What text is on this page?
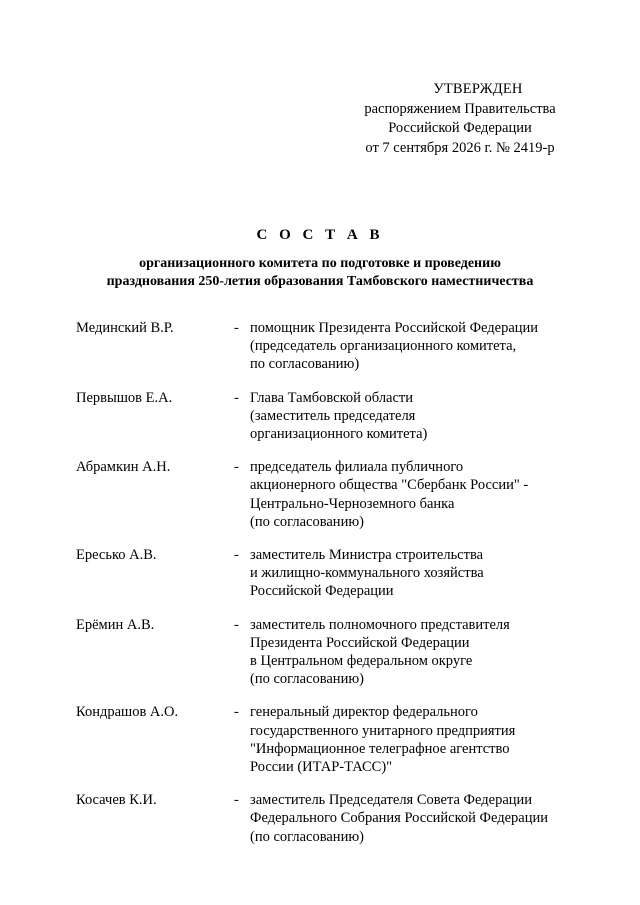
УТВЕРЖДЕН
распоряжением Правительства
Российской Федерации
от 7 сентября 2026 г. № 2419-р
С О С Т А В
организационного комитета по подготовке и проведению
празднования 250-летия образования Тамбовского наместничества
Мединский В.Р.	- помощник Президента Российской Федерации
(председатель организационного комитета,
по согласованию)
Первышов Е.А.	- Глава Тамбовской области
(заместитель председателя
организационного комитета)
Абрамкин А.Н.	- председатель филиала публичного
акционерного общества "Сбербанк России" -
Центрально-Черноземного банка
(по согласованию)
Ересько А.В.	- заместитель Министра строительства
и жилищно-коммунального хозяйства
Российской Федерации
Ерёмин А.В.	- заместитель полномочного представителя
Президента Российской Федерации
в Центральном федеральном округе
(по согласованию)
Кондрашов А.О.	- генеральный директор федерального
государственного унитарного предприятия
"Информационное телеграфное агентство
России (ИТАР-ТАСС)"
Косачев К.И.	- заместитель Председателя Совета Федерации
Федерального Собрания Российской Федерации
(по согласованию)
